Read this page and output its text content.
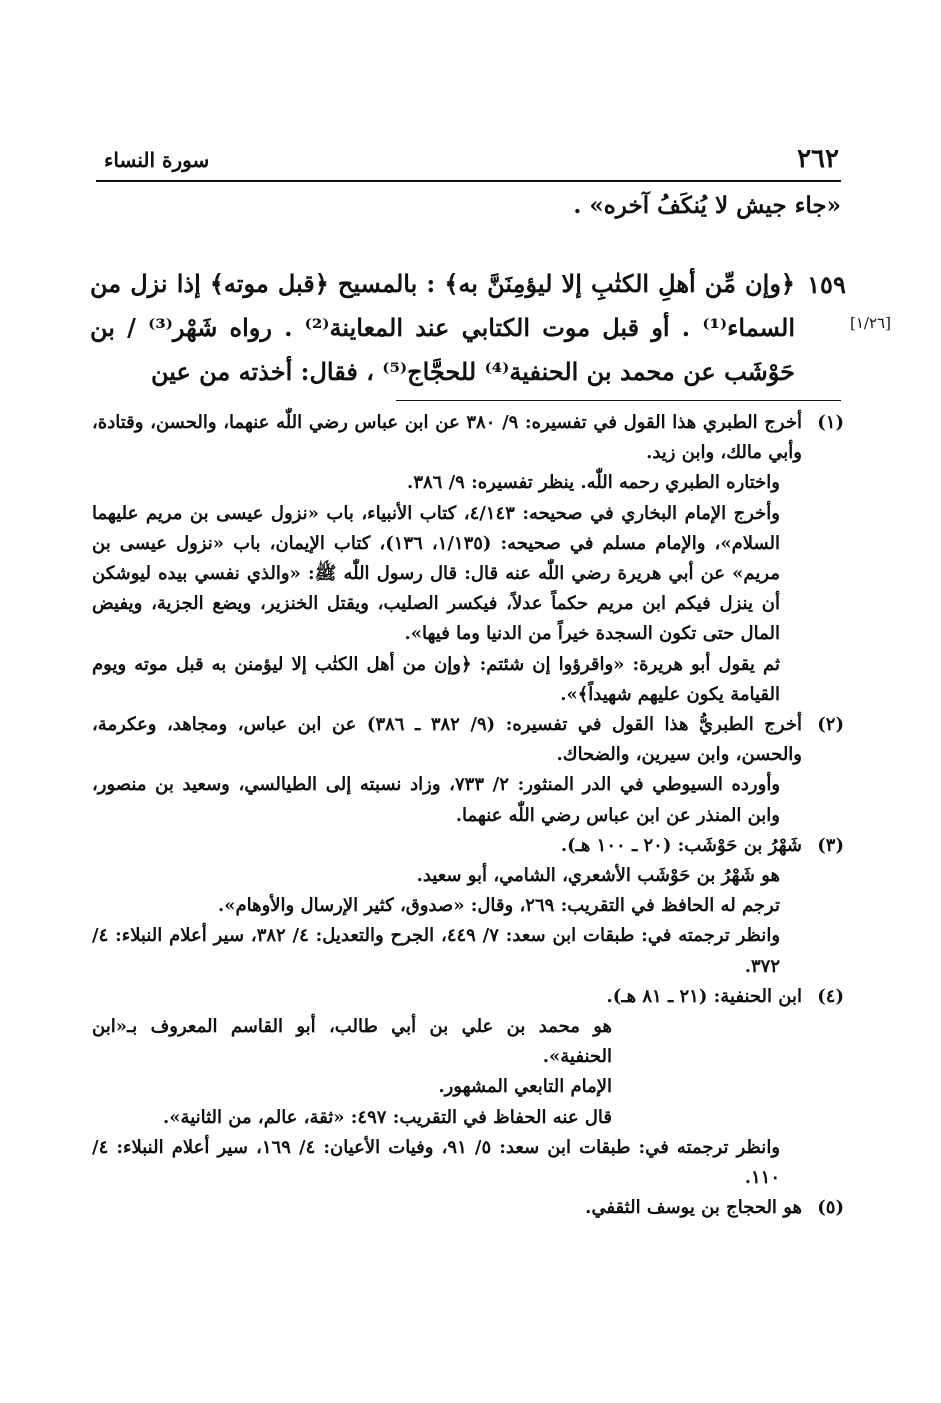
سورة النساء	٢٦٢
«جاء جيش لا يُنكَفُ آخره» .
١٥٩
[١/٢٦]
﴿وإن مِّن أهلِ الكتٰبِ إلا ليؤمِنَنَّ به﴾ : بالمسيح ﴿قبل موته﴾ إذا نزل من السماء⁽¹⁾ . أو قبل موت الكتابي عند المعاينة⁽²⁾ . رواه شَهْر⁽³⁾ / بن حَوْشَب عن محمد بن الحنفية⁽⁴⁾ للحجَّاج⁽⁵⁾ ، فقال: أخذته من عين
(١)

أخرج الطبري هذا القول في تفسيره: ٩/ ٣٨٠ عن ابن عباس رضي اللّٰه عنهما، والحسن، وقتادة، وأبي مالك، وابن زيد.

واختاره الطبري رحمه اللّٰه. ينظر تفسيره: ٩/ ٣٨٦.

وأخرج الإمام البخاري في صحيحه: ٤/١٤٣، كتاب الأنبياء، باب «نزول عيسى بن مريم عليهما السلام»، والإمام مسلم في صحيحه: (١/١٣٥، ١٣٦)، كتاب الإيمان، باب «نزول عيسى بن مريم» عن أبي هريرة رضي اللّٰه عنه قال: قال رسول اللّٰه ﷺ: «والذي نفسي بيده ليوشكن أن ينزل فيكم ابن مريم حكماً عدلاً، فيكسر الصليب، ويقتل الخنزير، ويضع الجزية، ويفيض المال حتى تكون السجدة خيراً من الدنيا وما فيها».

ثم يقول أبو هريرة: «واقرؤوا إن شئتم: ﴿وإن من أهل الكتٰب إلا ليؤمنن به قبل موته ويوم القيامة يكون عليهم شهيداً﴾».

(٢)

أخرج الطبريُّ هذا القول في تفسيره: (٩/ ٣٨٢ ـ ٣٨٦) عن ابن عباس، ومجاهد، وعكرمة، والحسن، وابن سيرين، والضحاك.

وأورده السيوطي في الدر المنثور: ٢/ ٧٣٣، وزاد نسبته إلى الطيالسي، وسعيد بن منصور، وابن المنذر عن ابن عباس رضي اللّٰه عنهما.

(٣)

شَهْرُ بن حَوْشَب: (٢٠ ـ ١٠٠ هـ).

هو شَهْرُ بن حَوْشَب الأشعري، الشامي، أبو سعيد.

ترجم له الحافظ في التقريب: ٢٦٩، وقال: «صدوق، كثير الإرسال والأوهام».

وانظر ترجمته في: طبقات ابن سعد: ٧/ ٤٤٩، الجرح والتعديل: ٤/ ٣٨٢، سير أعلام النبلاء: ٤/ ٣٧٢.

(٤)

ابن الحنفية: (٢١ ـ ٨١ هـ).

هو محمد بن علي بن أبي طالب، أبو القاسم المعروف بـ«ابن الحنفية».

الإمام التابعي المشهور.

قال عنه الحفاظ في التقريب: ٤٩٧: «ثقة، عالم، من الثانية».

وانظر ترجمته في: طبقات ابن سعد: ٥/ ٩١، وفيات الأعيان: ٤/ ١٦٩، سير أعلام النبلاء: ٤/ ١١٠.

(٥)

هو الحجاج بن يوسف الثقفي.
